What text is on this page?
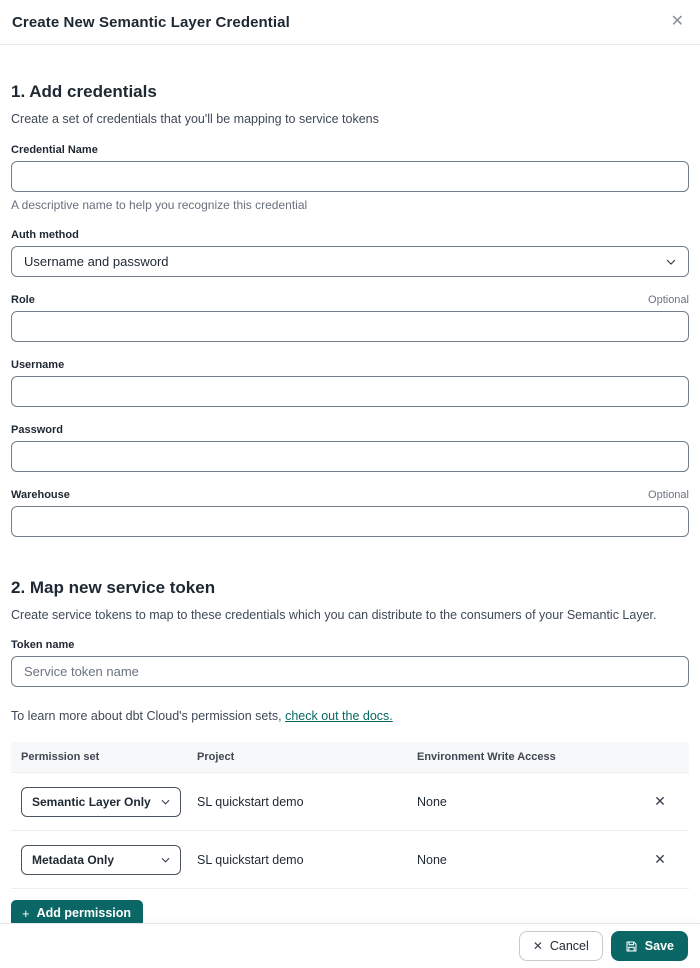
Create New Semantic Layer Credential	✕
1. Add credentials
Create a set of credentials that you'll be mapping to service tokens
Credential Name
A descriptive name to help you recognize this credential
Auth method
Username and password
Role	Optional
Username
Password
Warehouse	Optional
2. Map new service token
Create service tokens to map to these credentials which you can distribute to the consumers of your Semantic Layer.
Token name
Service token name
To learn more about dbt Cloud's permission sets, check out the docs.
Permission set	Project	Environment Write Access
Semantic Layer Only	SL quickstart demo	None	✕
Metadata Only	SL quickstart demo	None	✕
+ Add permission
✕ Cancel	Save
